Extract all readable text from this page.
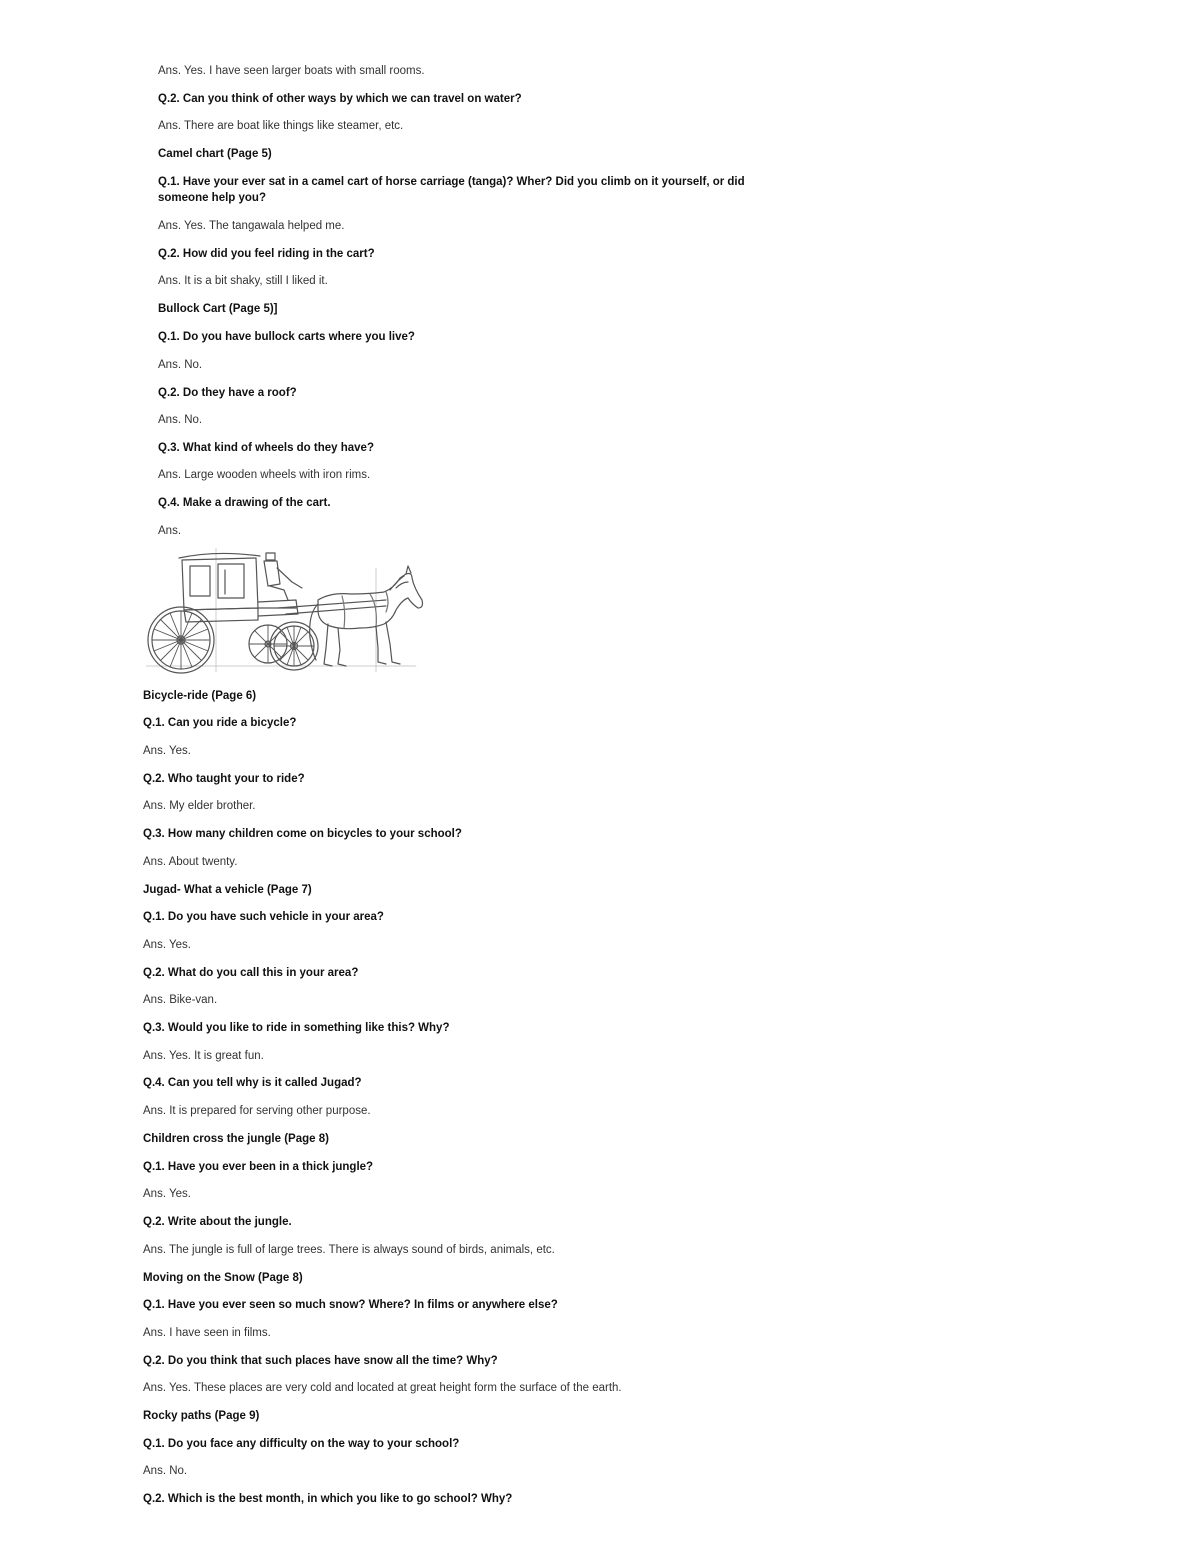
Ans. Yes. I have seen larger boats with small rooms.
Q.2. Can you think of other ways by which we can travel on water?
Ans. There are boat like things like steamer, etc.
Camel chart (Page 5)
Q.1. Have your ever sat in a camel cart of horse carriage (tanga)? Wher? Did you climb on it yourself, or did someone help you?
Ans. Yes. The tangawala helped me.
Q.2. How did you feel riding in the cart?
Ans. It is a bit shaky, still I liked it.
Bullock Cart (Page 5)]
Q.1. Do you have bullock carts where you live?
Ans. No.
Q.2. Do they have a roof?
Ans. No.
Q.3. What kind of wheels do they have?
Ans. Large wooden wheels with iron rims.
Q.4. Make a drawing of the cart.
Ans.
Bicycle-ride (Page 6)
Q.1. Can you ride a bicycle?
Ans. Yes.
Q.2. Who taught your to ride?
Ans. My elder brother.
Q.3. How many children come on bicycles to your school?
Ans. About twenty.
Jugad- What a vehicle (Page 7)
Q.1. Do you have such vehicle in your area?
Ans. Yes.
Q.2. What do you call this in your area?
Ans. Bike-van.
Q.3. Would you like to ride in something like this? Why?
Ans. Yes. It is great fun.
Q.4. Can you tell why is it called Jugad?
Ans. It is prepared for serving other purpose.
Children cross the jungle (Page 8)
Q.1. Have you ever been in a thick jungle?
Ans. Yes.
Q.2. Write about the jungle.
Ans. The jungle is full of large trees. There is always sound of birds, animals, etc.
Moving on the Snow (Page 8)
Q.1. Have you ever seen so much snow? Where? In films or anywhere else?
Ans. I have seen in films.
Q.2. Do you think that such places have snow all the time? Why?
Ans. Yes. These places are very cold and located at great height form the surface of the earth.
Rocky paths (Page 9)
Q.1. Do you face any difficulty on the way to your school?
Ans. No.
Q.2. Which is the best month, in which you like to go school? Why?
